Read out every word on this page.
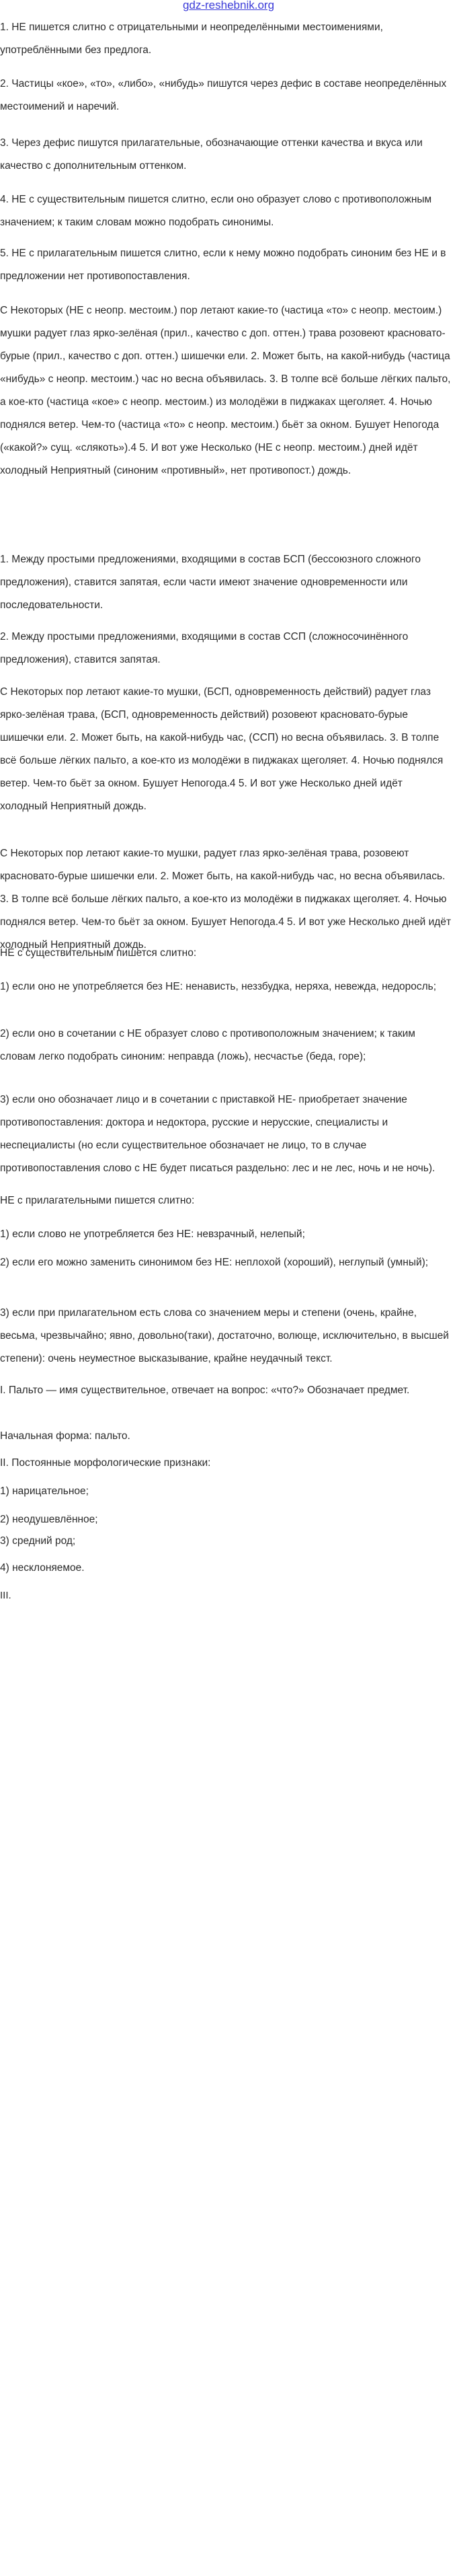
gdz-reshebnik.org

1. НЕ пишется слитно с отрицательными и неопределёнными местоимениями, употреблёнными без предлога.

2. Частицы «кое», «то», «либо», «нибудь» пишутся через дефис в составе неопределённых местоимений и наречий.

3. Через дефис пишутся прилагательные, обозначающие оттенки качества и вкуса или качество с дополнительным оттенком.

4. НЕ с существительным пишется слитно, если оно образует слово с противоположным значением; к таким словам можно подобрать синонимы.

5. НЕ с прилагательным пишется слитно, если к нему можно подобрать синоним без НЕ и в предложении нет противопоставления.

С Некоторых (НЕ с неопр. местоим.) пор летают какие-то (частица «то» с неопр. местоим.) мушки радует глаз ярко-зелёная (прил., качество с доп. оттен.) трава розовеют красновато-бурые (прил., качество с доп. оттен.) шишечки ели. 2. Может быть, на какой-нибудь (частица «нибудь» с неопр. местоим.) час но весна объявилась. 3. В толпе всё больше лёгких пальто, а кое-кто (частица «кое» с неопр. местоим.) из молодёжи в пиджаках щеголяет. 4. Ночью поднялся ветер. Чем-то (частица «то» с неопр. местоим.) бьёт за окном. Бушует Непогода («какой?» сущ. «слякоть»).4 5. И вот уже Несколько (НЕ с неопр. местоим.) дней идёт холодный Неприятный (синоним «противный», нет противопост.) дождь.

1. Между простыми предложениями, входящими в состав БСП (бессоюзного сложного предложения), ставится запятая, если части имеют значение одновременности или последовательности.

2. Между простыми предложениями, входящими в состав ССП (сложносочинённого предложения), ставится запятая.

С Некоторых пор летают какие-то мушки, (БСП, одновременность действий) радует глаз ярко-зелёная трава, (БСП, одновременность действий) розовеют красновато-бурые шишечки ели. 2. Может быть, на какой-нибудь час, (ССП) но весна объявилась. 3. В толпе всё больше лёгких пальто, а кое-кто из молодёжи в пиджаках щеголяет. 4. Ночью поднялся ветер. Чем-то бьёт за окном. Бушует Непогода.4 5. И вот уже Несколько дней идёт холодный Неприятный дождь.

С Некоторых пор летают какие-то мушки, радует глаз ярко-зелёная трава, розовеют красновато-бурые шишечки ели. 2. Может быть, на какой-нибудь час, но весна объявилась. 3. В толпе всё больше лёгких пальто, а кое-кто из молодёжи в пиджаках щеголяет. 4. Ночью поднялся ветер. Чем-то бьёт за окном. Бушует Непогода.4 5. И вот уже Несколько дней идёт холодный Неприятный дождь.

НЕ с существительным пишется слитно:

1) если оно не употребляется без НЕ: ненависть, неззбудка, неряха, невежда, недоросль;

2) если оно в сочетании с НЕ образует слово с противоположным значением; к таким словам легко подобрать синоним: неправда (ложь), несчастье (беда, горе);

3) если оно обозначает лицо и в сочетании с приставкой НЕ- приобретает значение противопоставления: доктора и недоктора, русские и нерусские, специалисты и неспециалисты (но если существительное обозначает не лицо, то в случае противопоставления слово с НЕ будет писаться раздельно: лес и не лес, ночь и не ночь).

НЕ с прилагательными пишется слитно:

1) если слово не употребляется без НЕ: невзрачный, нелепый;

2) если его можно заменить синонимом без НЕ: неплохой (хороший), неглупый (умный);

3) если при прилагательном есть слова со значением меры и степени (очень, крайне, весьма, чрезвычайно; явно, довольно(таки), достаточно, волюще, исключительно, в высшей степени): очень неуместное высказывание, крайне неудачный текст.

I. Пальто — имя существительное, отвечает на вопрос: «что?» Обозначает предмет.

Начальная форма: пальто.

II. Постоянные морфологические признаки:

1) нарицательное;

2) неодушевлённое;

3) средний род;

4) несклоняемое.

III.
